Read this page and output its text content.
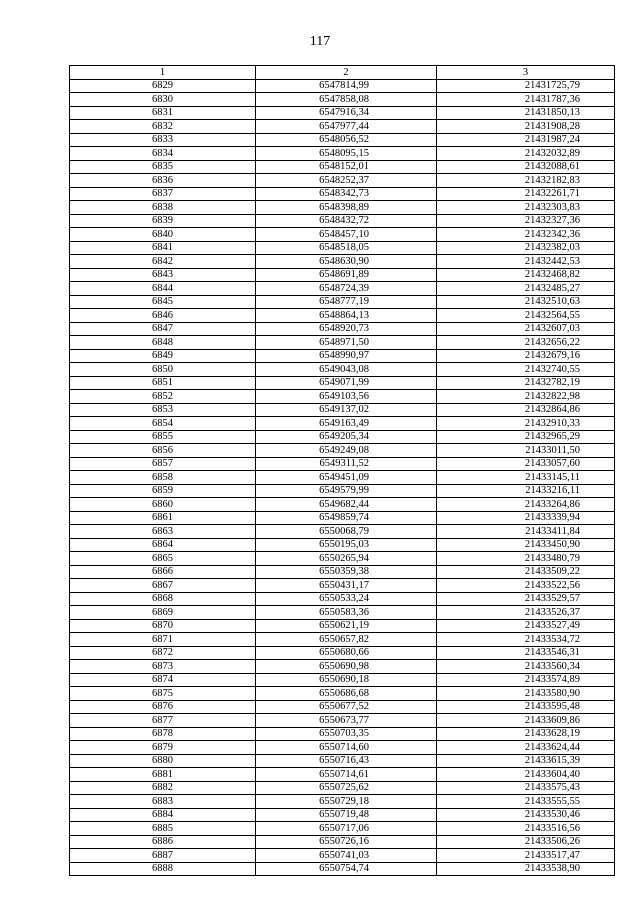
117
1	2	3
6829	6547814,99	21431725,79
6830	6547858,08	21431787,36
6831	6547916,34	21431850,13
6832	6547977,44	21431908,28
6833	6548056,52	21431987,24
6834	6548095,15	21432032,89
6835	6548152,01	21432088,61
6836	6548252,37	21432182,83
6837	6548342,73	21432261,71
6838	6548398,89	21432303,83
6839	6548432,72	21432327,36
6840	6548457,10	21432342,36
6841	6548518,05	21432382,03
6842	6548630,90	21432442,53
6843	6548691,89	21432468,82
6844	6548724,39	21432485,27
6845	6548777,19	21432510,63
6846	6548864,13	21432564,55
6847	6548920,73	21432607,03
6848	6548971,50	21432656,22
6849	6548990,97	21432679,16
6850	6549043,08	21432740,55
6851	6549071,99	21432782,19
6852	6549103,56	21432822,98
6853	6549137,02	21432864,86
6854	6549163,49	21432910,33
6855	6549205,34	21432965,29
6856	6549249,08	21433011,50
6857	6549311,52	21433057,60
6858	6549451,09	21433145,11
6859	6549579,99	21433216,11
6860	6549682,44	21433264,86
6861	6549859,74	21433339,94
6863	6550068,79	21433411,84
6864	6550195,03	21433450,90
6865	6550265,94	21433480,79
6866	6550359,38	21433509,22
6867	6550431,17	21433522,56
6868	6550533,24	21433529,57
6869	6550583,36	21433526,37
6870	6550621,19	21433527,49
6871	6550657,82	21433534,72
6872	6550680,66	21433546,31
6873	6550690,98	21433560,34
6874	6550690,18	21433574,89
6875	6550686,68	21433580,90
6876	6550677,52	21433595,48
6877	6550673,77	21433609,86
6878	6550703,35	21433628,19
6879	6550714,60	21433624,44
6880	6550716,43	21433615,39
6881	6550714,61	21433604,40
6882	6550725,62	21433575,43
6883	6550729,18	21433555,55
6884	6550719,48	21433530,46
6885	6550717,06	21433516,56
6886	6550726,16	21433506,26
6887	6550741,03	21433517,47
6888	6550754,74	21433538,90
